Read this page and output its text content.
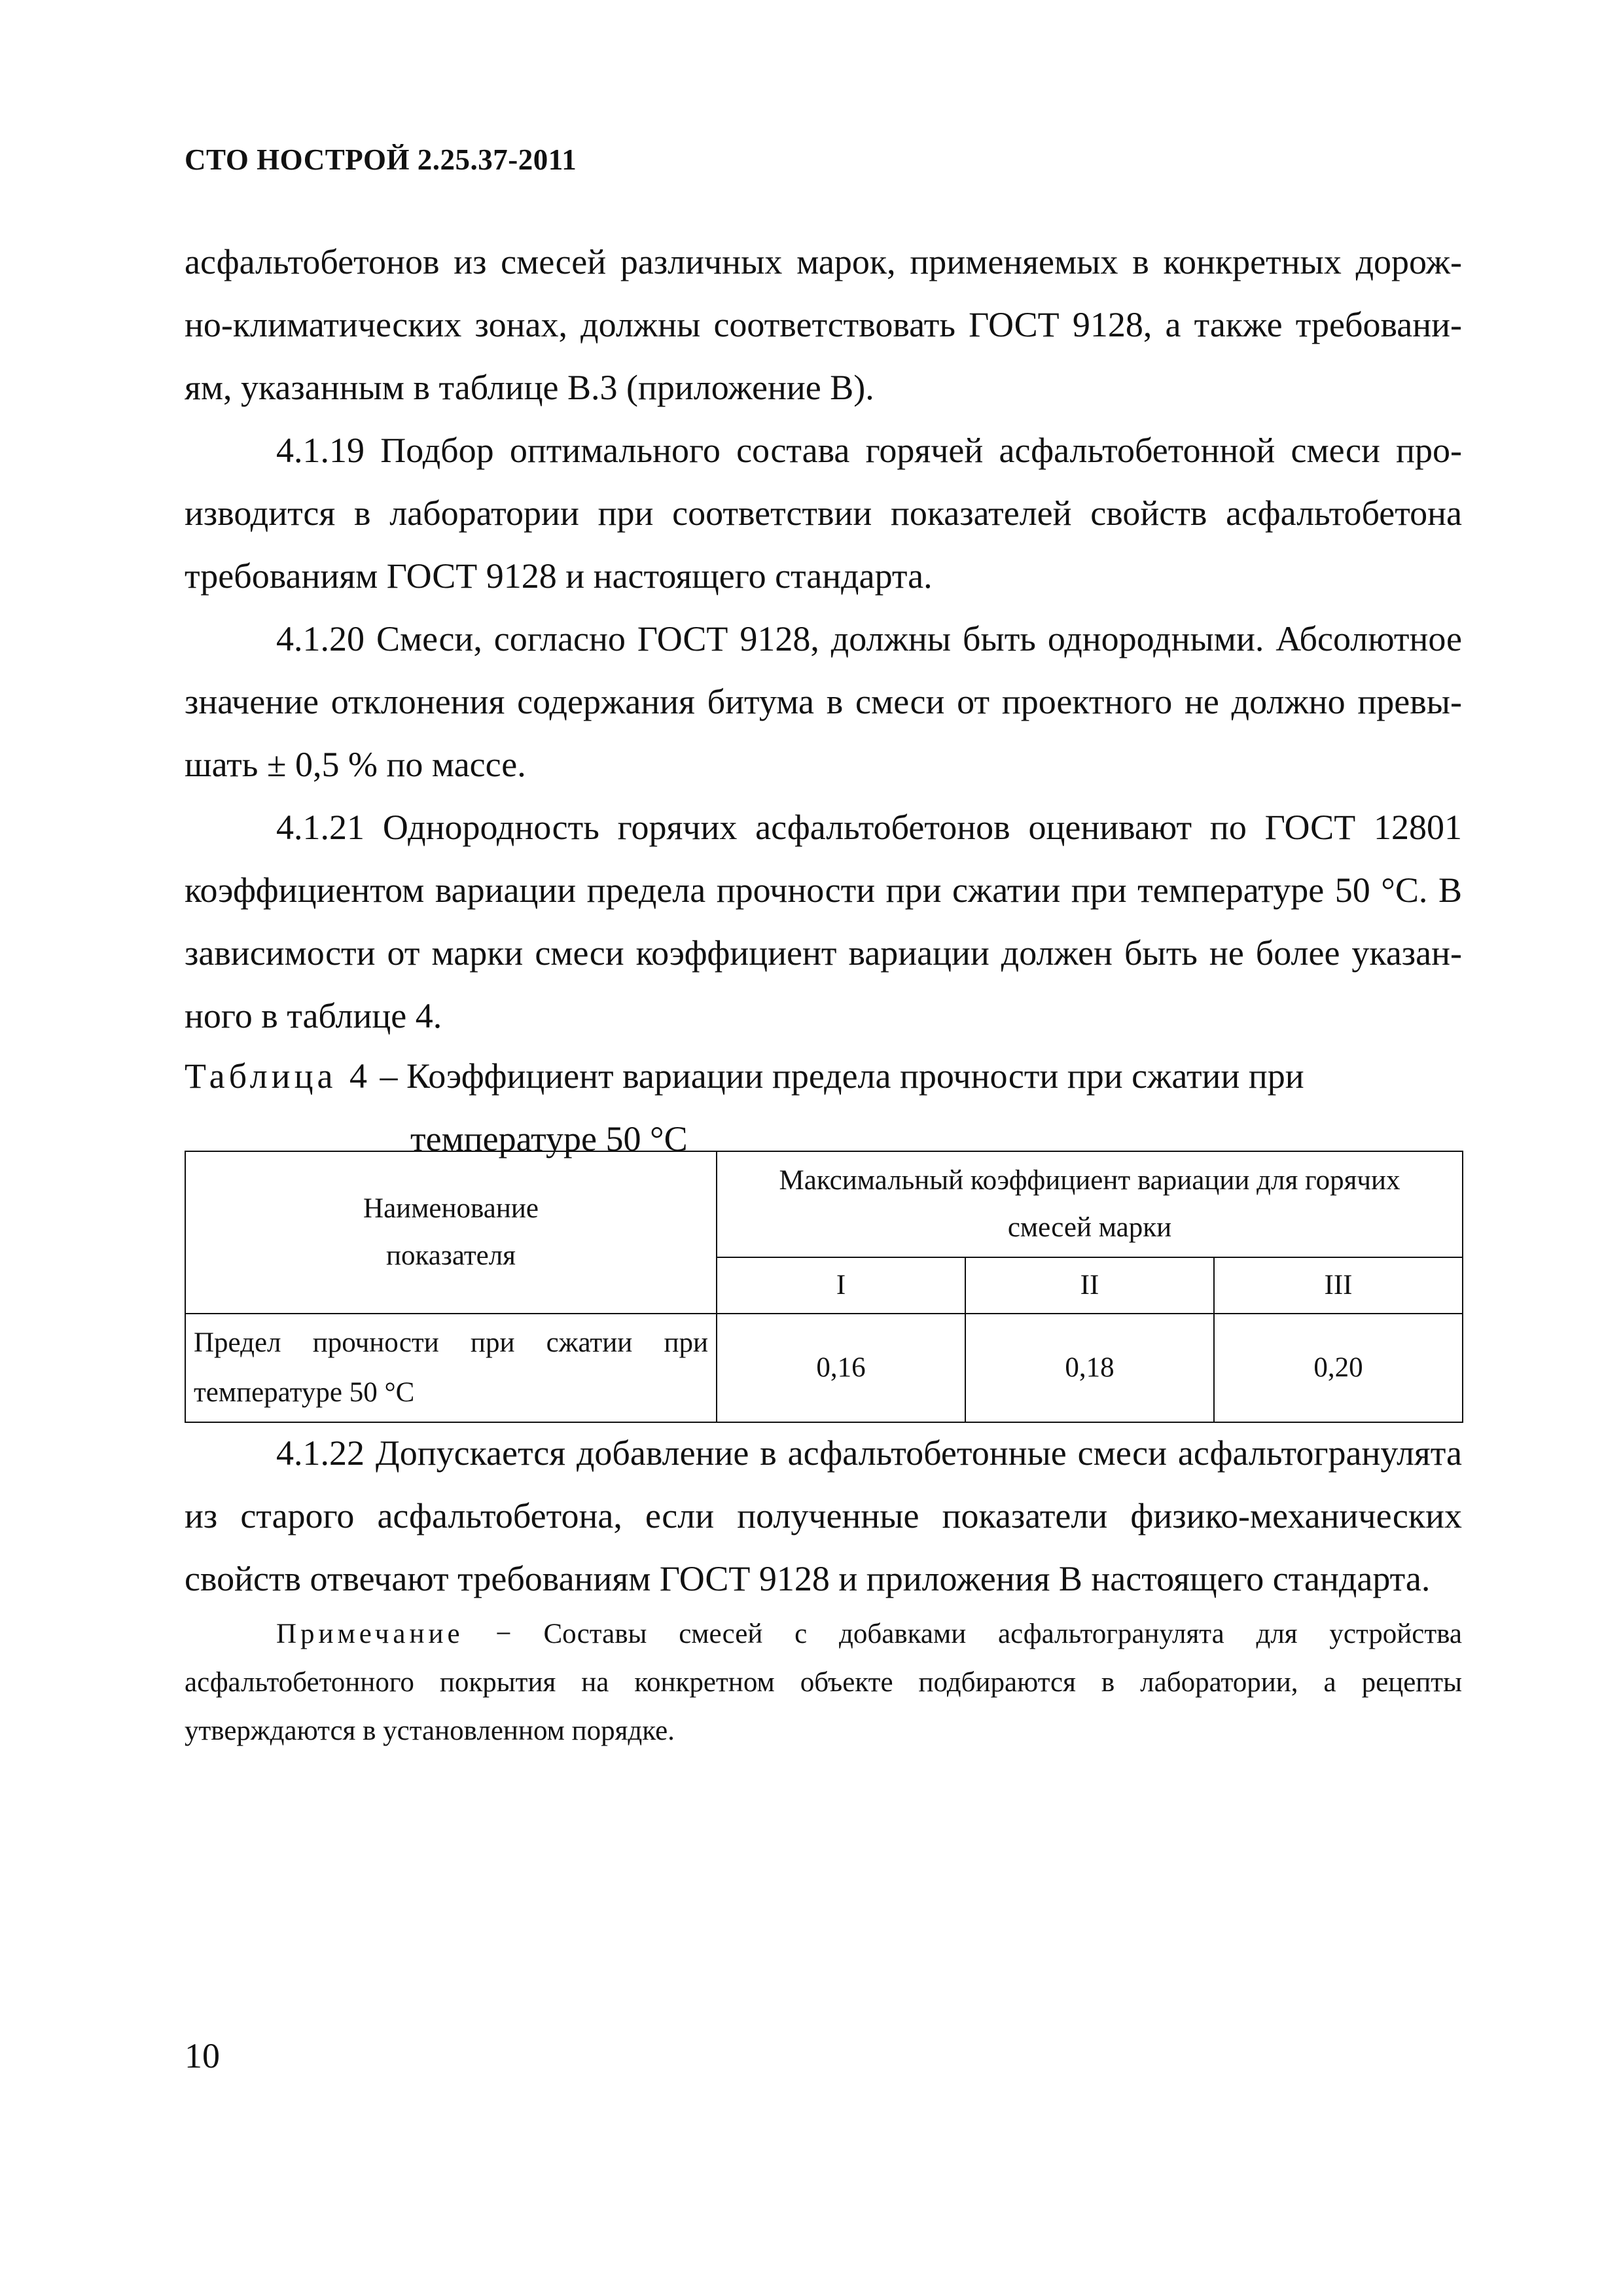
СТО НОСТРОЙ 2.25.37-2011

асфальтобетонов из смесей различных марок, применяемых в конкретных дорож-но-климатических зонах, должны соответствовать ГОСТ 9128, а также требовани-ям, указанным в таблице В.3 (приложение В).

4.1.19 Подбор оптимального состава горячей асфальтобетонной смеси про-изводится в лаборатории при соответствии показателей свойств асфальтобетона требованиям ГОСТ 9128 и настоящего стандарта.

4.1.20 Смеси, согласно ГОСТ 9128, должны быть однородными. Абсолютное значение отклонения содержания битума в смеси от проектного не должно превы-шать ± 0,5 % по массе.

4.1.21 Однородность горячих асфальтобетонов оценивают по ГОСТ 12801 коэффициентом вариации предела прочности при сжатии при температуре 50 °С. В зависимости от марки смеси коэффициент вариации должен быть не более указан-ного в таблице 4.

Таблица 4 – Коэффициент вариации предела прочности при сжатии при
температуре 50 °С
Наименование показателя	Максимальный коэффициент вариации для горячих смесей марки		
	I	II	III
Предел прочности при сжатии при температуре 50 °С	0,16	0,18	0,20

4.1.22 Допускается добавление в асфальтобетонные смеси асфальтогранулята из старого асфальтобетона, если полученные показатели физико-механических свойств отвечают требованиям ГОСТ 9128 и приложения В настоящего стандарта.

Примечание − Составы смесей с добавками асфальтогранулята для устройства асфальтобетонного покрытия на конкретном объекте подбираются в лаборатории, а рецепты утверждаются в установленном порядке.

10
